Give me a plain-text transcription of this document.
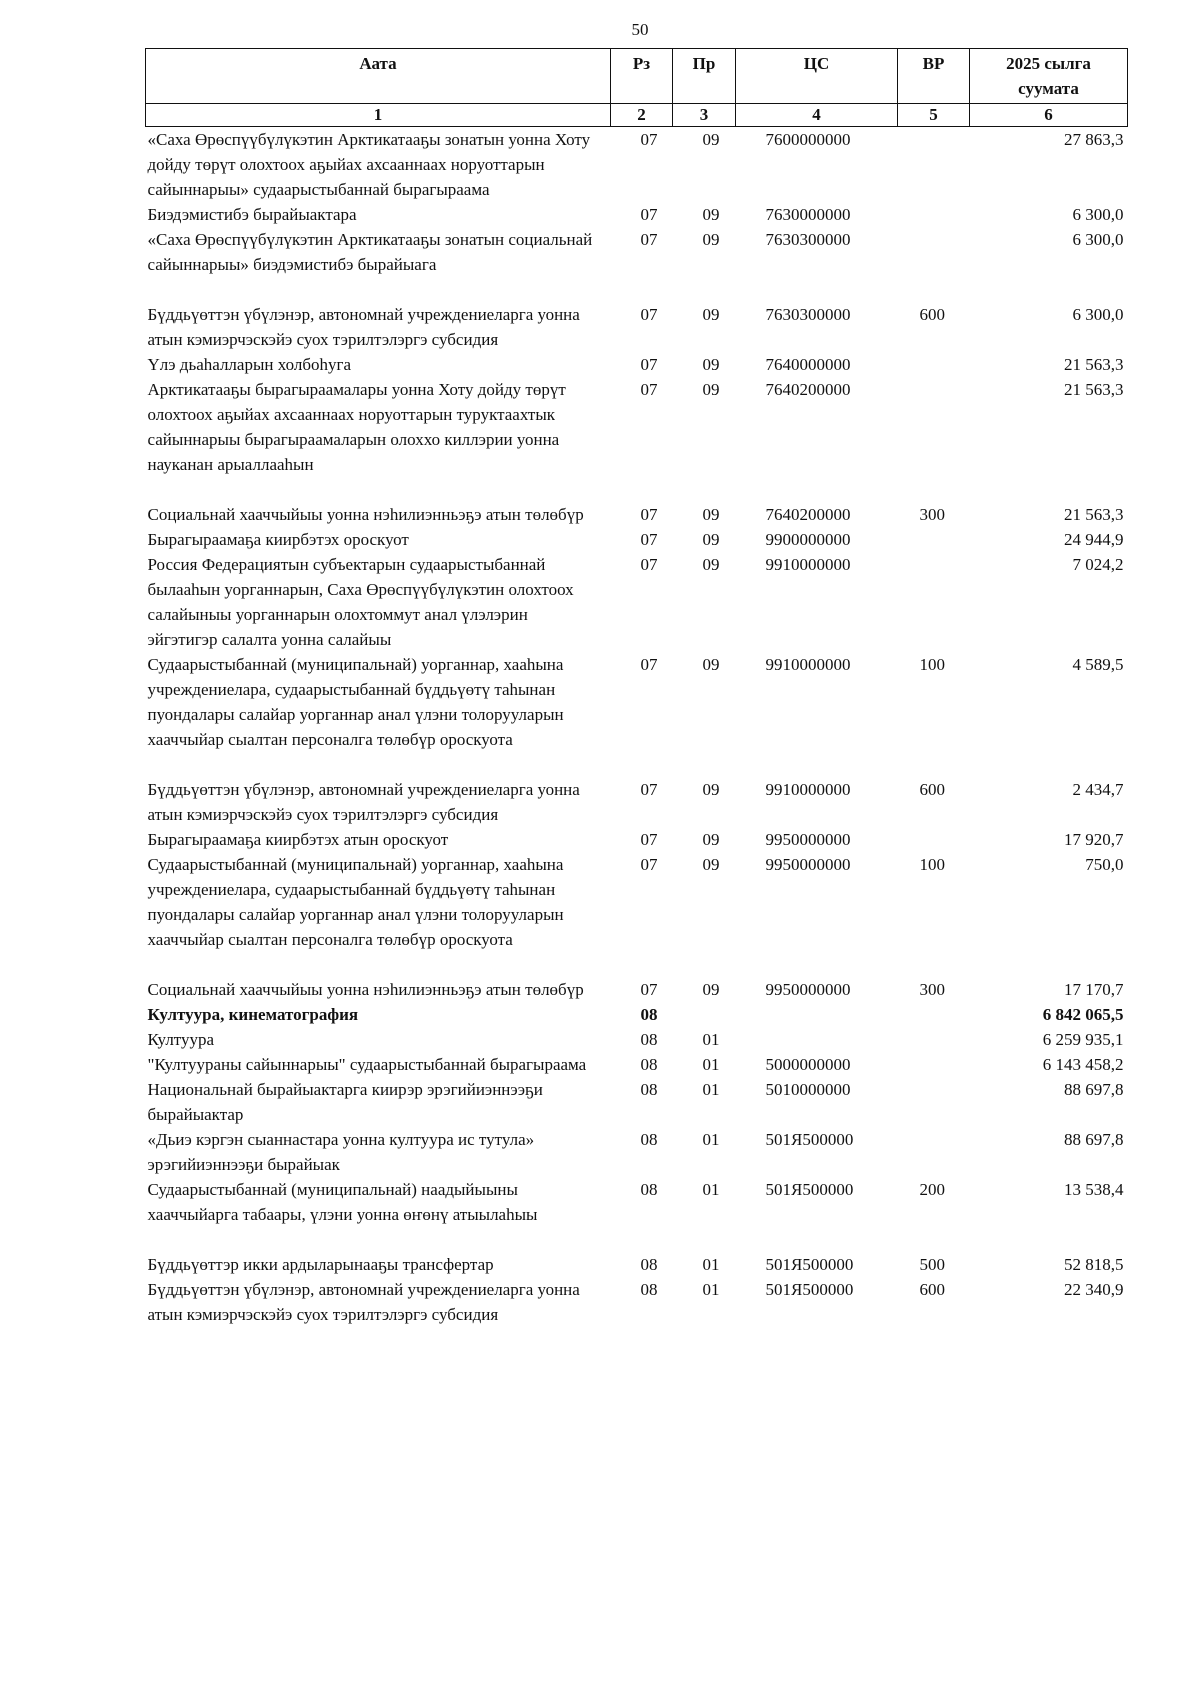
50
Аата	Рз	Пр	ЦС	ВР	2025 сылга суумата
1	2	3	4	5	6
«Саха Өрөспүүбүлүкэтин Арктикатааҕы зонатын уонна Хоту дойду төрүт олохтоох аҕыйах ахсааннаах норуоттарын сайыннарыы» судаарыстыбаннай бырагыраама	07	09	7600000000		27 863,3
Биэдэмистибэ бырайыактара	07	09	7630000000		6 300,0
«Саха Өрөспүүбүлүкэтин Арктикатааҕы зонатын социальнай сайыннарыы» биэдэмистибэ бырайыага	07	09	7630300000		6 300,0
Бүддьүөттэн үбүлэнэр, автономнай учреждениеларга уонна атын кэмиэрчэскэйэ суох тэрилтэлэргэ субсидия	07	09	7630300000	600	6 300,0
Үлэ дьаһалларын холбоһуга	07	09	7640000000		21 563,3
Арктикатааҕы бырагыраамалары уонна Хоту дойду төрүт олохтоох аҕыйах ахсааннаах норуоттарын туруктаахтык сайыннарыы бырагыраамаларын олоххо киллэрии уонна науканан арыаллааһын	07	09	7640200000		21 563,3
Социальнай хааччыйыы уонна нэһилиэнньэҕэ атын төлөбүр	07	09	7640200000	300	21 563,3
Бырагыраамаҕа киирбэтэх ороскуот	07	09	9900000000		24 944,9
Россия Федерациятын субъектарын судаарыстыбаннай былааһын уорганнарын, Саха Өрөспүүбүлүкэтин олохтоох салайыныы уорганнарын олохтоммут анал үлэлэрин эйгэтигэр салалта уонна салайыы	07	09	9910000000		7 024,2
Судаарыстыбаннай (муниципальнай) уорганнар, хааһына учреждениелара, судаарыстыбаннай бүддьүөтү таһынан пуондалары салайар уорганнар анал үлэни толорууларын хааччыйар сыалтан персоналга төлөбүр ороскуота	07	09	9910000000	100	4 589,5
Бүддьүөттэн үбүлэнэр, автономнай учреждениеларга уонна атын кэмиэрчэскэйэ суох тэрилтэлэргэ субсидия	07	09	9910000000	600	2 434,7
Бырагыраамаҕа киирбэтэх атын ороскуот	07	09	9950000000		17 920,7
Судаарыстыбаннай (муниципальнай) уорганнар, хааһына учреждениелара, судаарыстыбаннай бүддьүөтү таһынан пуондалары салайар уорганнар анал үлэни толорууларын хааччыйар сыалтан персоналга төлөбүр ороскуота	07	09	9950000000	100	750,0
Социальнай хааччыйыы уонна нэһилиэнньэҕэ атын төлөбүр	07	09	9950000000	300	17 170,7
Култуура, кинематография	08				6 842 065,5
Култуура	08	01			6 259 935,1
"Култуураны сайыннарыы" судаарыстыбаннай бырагыраама	08	01	5000000000		6 143 458,2
Национальнай бырайыактарга киирэр эрэгийиэннээҕи бырайыактар	08	01	5010000000		88 697,8
«Дьиэ кэргэн сыаннастара уонна култуура ис тутула» эрэгийиэннээҕи бырайыак	08	01	501Я500000		88 697,8
Судаарыстыбаннай (муниципальнай) наадыйыыны хааччыйарга табаары, үлэни уонна өҥөнү атыылаһыы	08	01	501Я500000	200	13 538,4
Бүддьүөттэр икки ардыларынааҕы трансфертар	08	01	501Я500000	500	52 818,5
Бүддьүөттэн үбүлэнэр, автономнай учреждениеларга уонна атын кэмиэрчэскэйэ суох тэрилтэлэргэ субсидия	08	01	501Я500000	600	22 340,9
